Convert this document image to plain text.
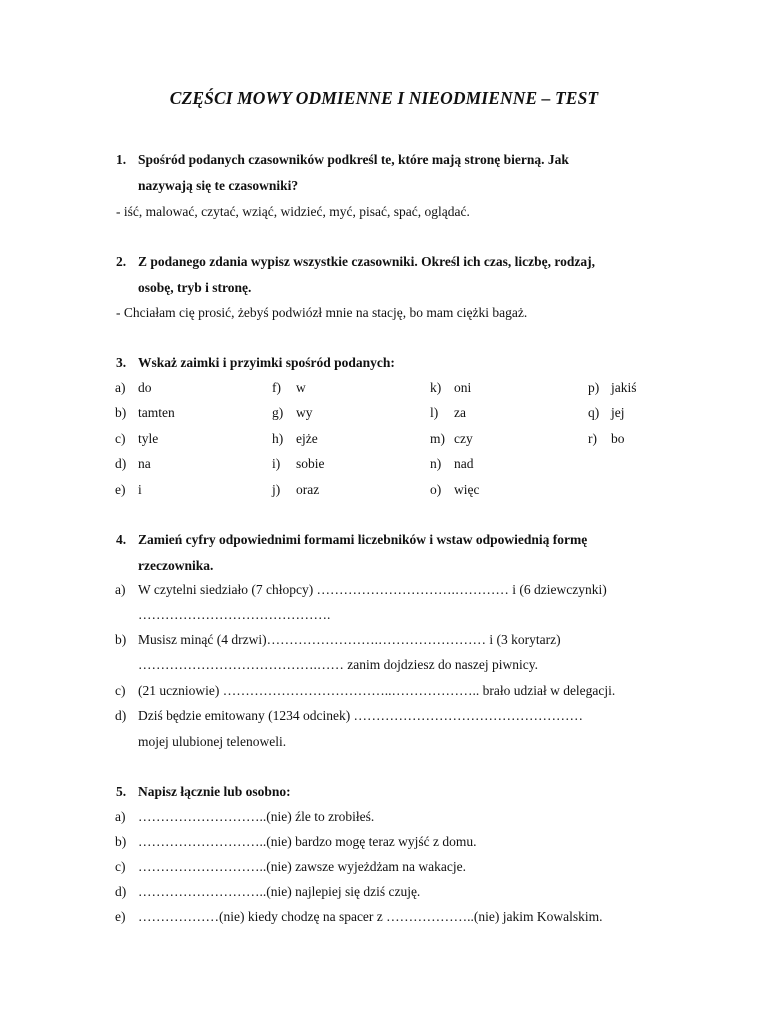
CZĘŚCI MOWY ODMIENNE I NIEODMIENNE – TEST
1. Spośród podanych czasowników podkreśl te, które mają stronę bierną. Jak
nazywają się te czasowniki?
- iść, malować, czytać, wziąć, widzieć, myć, pisać, spać, oglądać.
2. Z podanego zdania wypisz wszystkie czasowniki. Określ ich czas, liczbę, rodzaj,
osobę, tryb i stronę.
- Chciałam cię prosić, żebyś podwiózł mnie na stację, bo mam ciężki bagaż.
3. Wskaż zaimki i przyimki spośród podanych:
a) do
b) tamten
c) tyle
d) na
e) i
f) w
g) wy
h) ejże
i) sobie
j) oraz
k) oni
l) za
m) czy
n) nad
o) więc
p) jakiś
q) jej
r) bo
4. Zamień cyfry odpowiednimi formami liczebników i wstaw odpowiednią formę
rzeczownika.
a) W czytelni siedziało (7 chłopcy) ………………………….………… i (6 dziewczynki)
…………………………………….
b) Musisz minąć (4 drzwi)…………………….…………………… i (3 korytarz)
………………………………….…… zanim dojdziesz do naszej piwnicy.
c) (21 uczniowie) ………………………………..……………….. brało udział w delegacji.
d) Dziś będzie emitowany (1234 odcinek) ……………………………………………
mojej ulubionej telenoweli.
5. Napisz łącznie lub osobno:
a) ………………………..(nie) źle to zrobiłeś.
b) ………………………..(nie) bardzo mogę teraz wyjść z domu.
c) ………………………..(nie) zawsze wyjeżdżam na wakacje.
d) ………………………..(nie) najlepiej się dziś czuję.
e) ………………(nie) kiedy chodzę na spacer z ………………..(nie) jakim Kowalskim.
